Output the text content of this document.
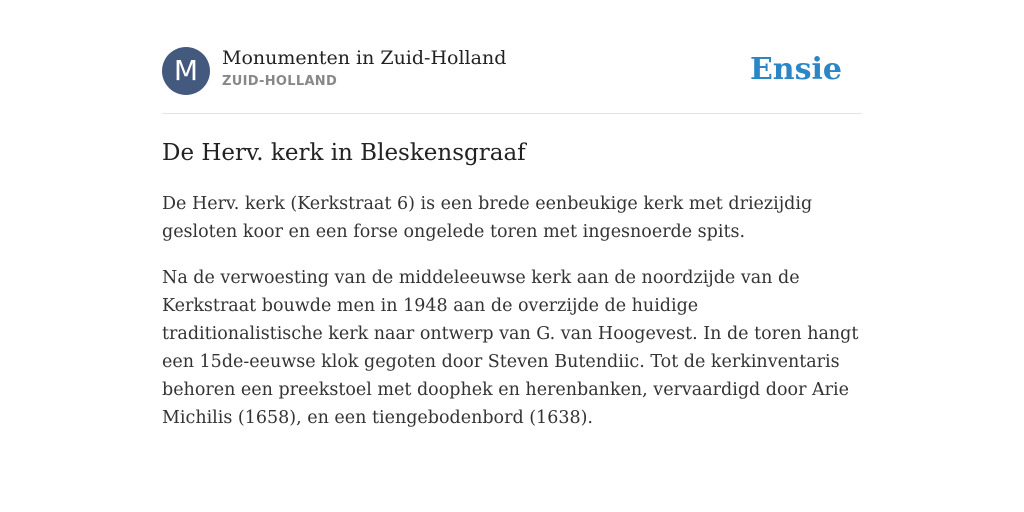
M	Monumenten in Zuid-Holland
ZUID-HOLLAND	Ensie
De Herv. kerk in Bleskensgraaf

De Herv. kerk (Kerkstraat 6) is een brede eenbeukige kerk met driezijdig gesloten koor en een forse ongelede toren met ingesnoerde spits.

Na de verwoesting van de middeleeuwse kerk aan de noordzijde van de Kerkstraat bouwde men in 1948 aan de overzijde de huidige traditionalistische kerk naar ontwerp van G. van Hoogevest. In de toren hangt een 15de-eeuwse klok gegoten door Steven Butendiic. Tot de kerkinventaris behoren een preekstoel met doophek en herenbanken, vervaardigd door Arie Michilis (1658), en een tiengebodenbord (1638).
